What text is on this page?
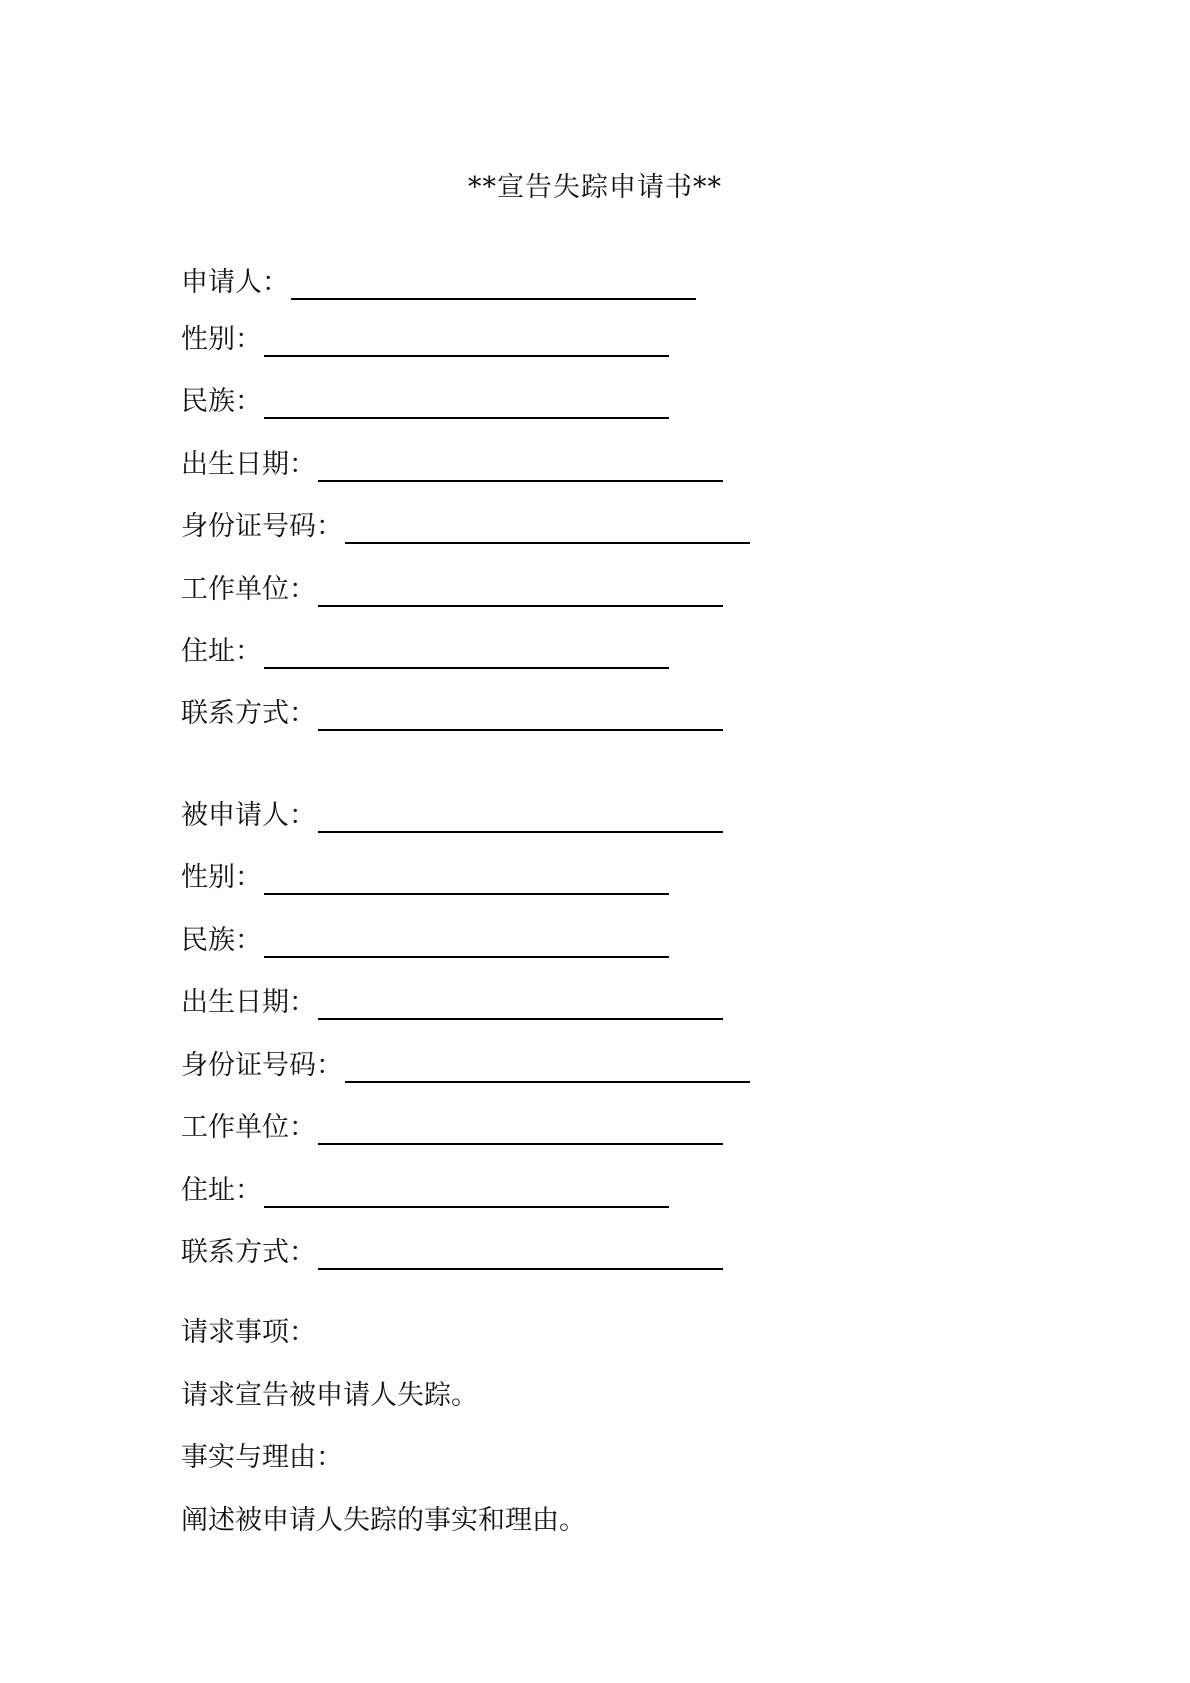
**宣告失踪申请书**
申请人：
性别：
民族：
出生日期：
身份证号码：
工作单位：
住址：
联系方式：
被申请人：
性别：
民族：
出生日期：
身份证号码：
工作单位：
住址：
联系方式：
请求事项：
请求宣告被申请人失踪。
事实与理由：
阐述被申请人失踪的事实和理由。
